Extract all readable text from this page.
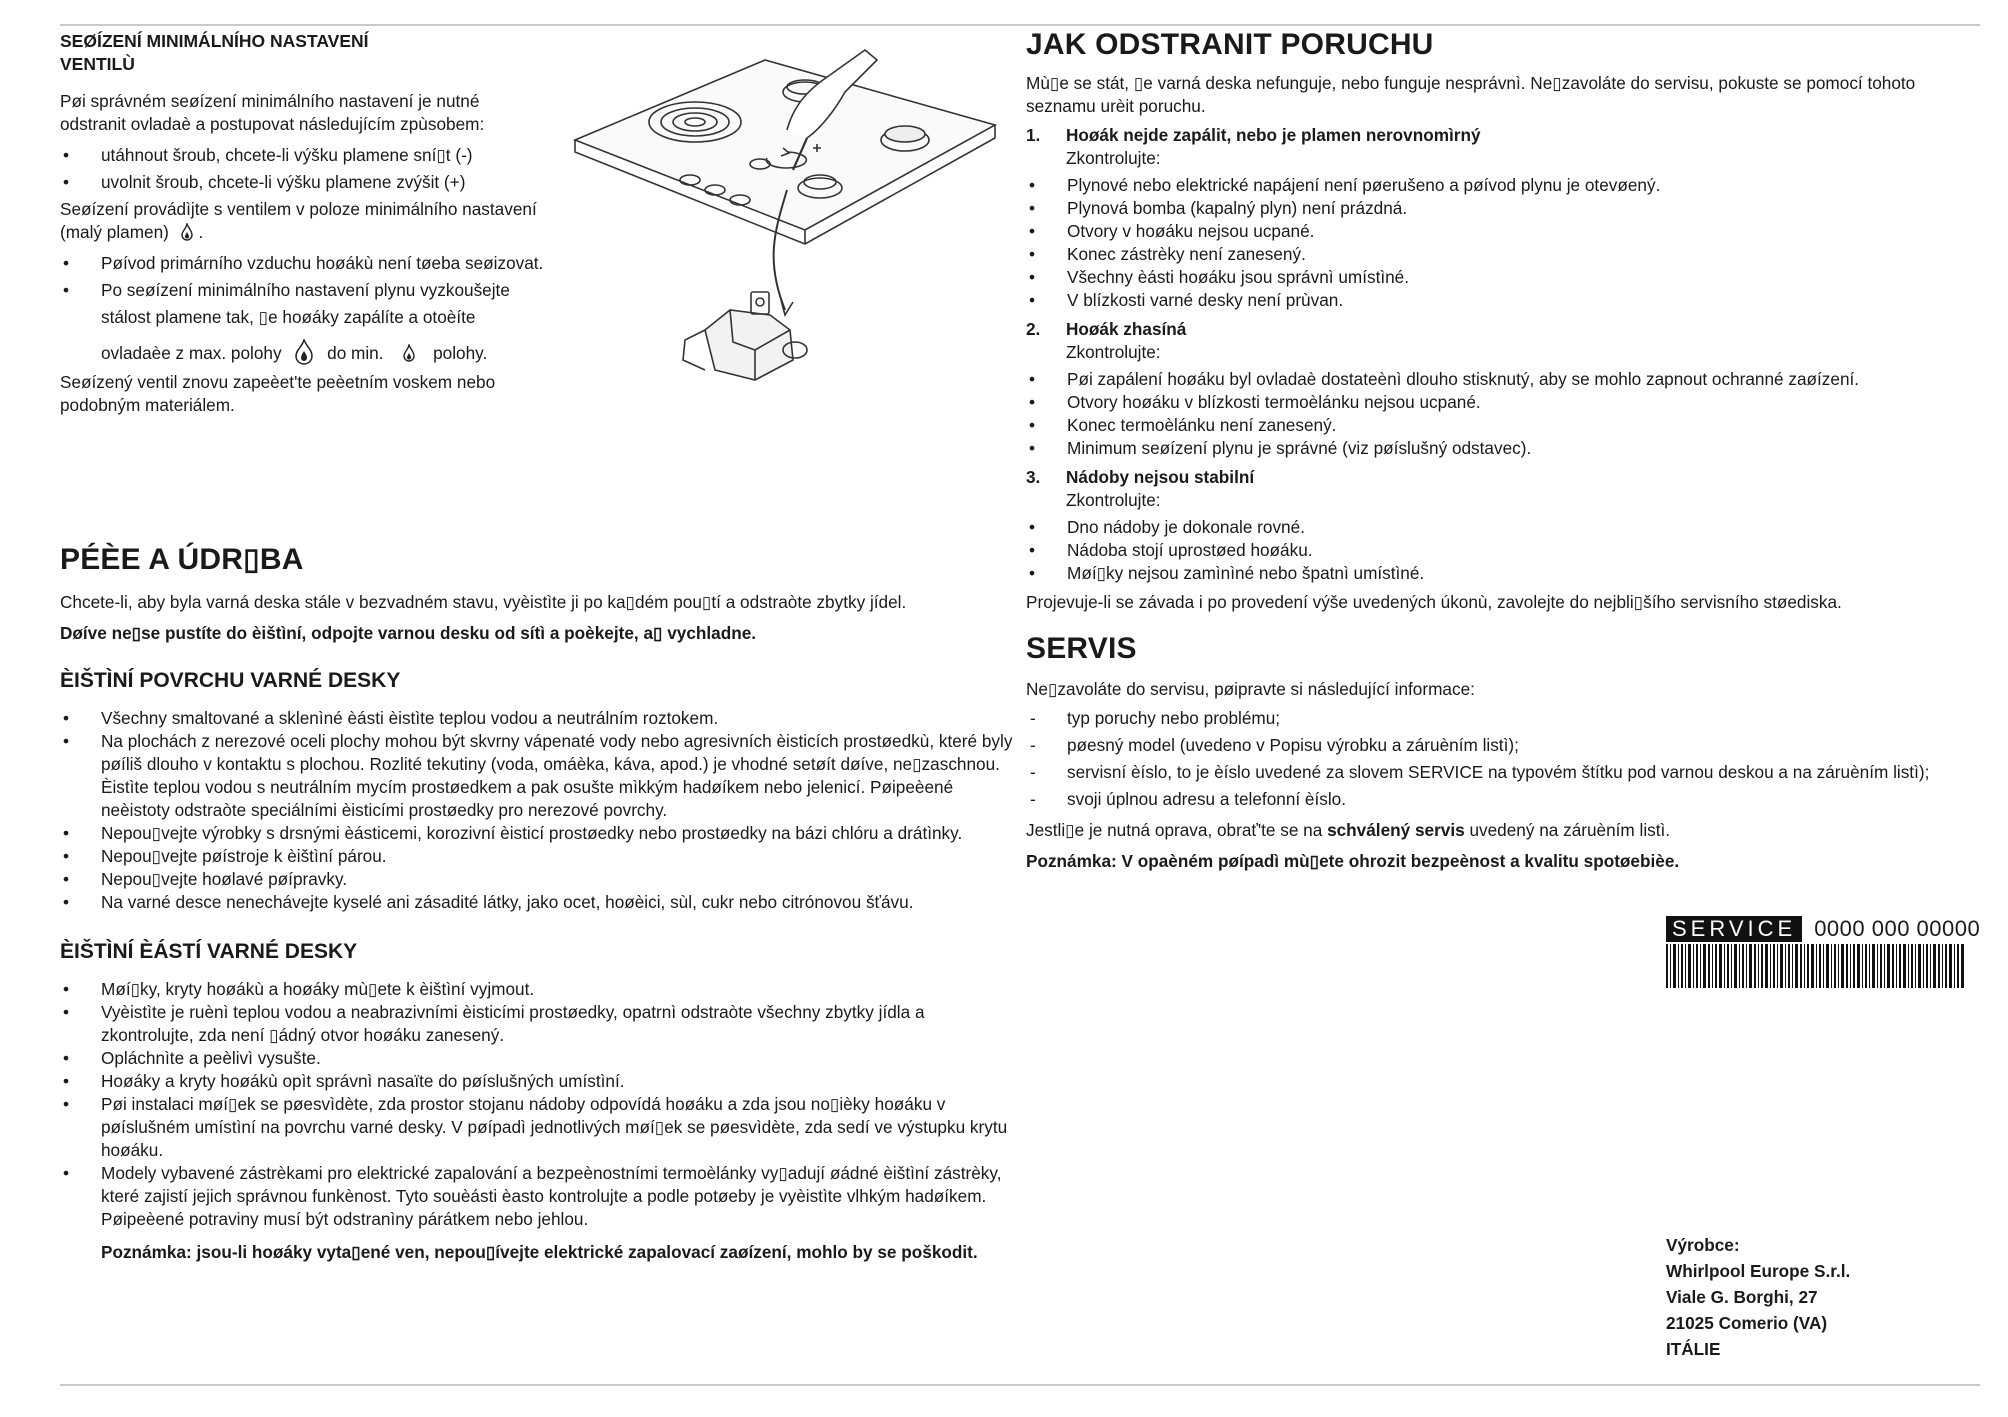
SEØÍZENÍ MINIMÁLNÍHO NASTAVENÍ
VENTILÙ
Pøi správném seøízení minimálního nastavení je nutné odstranit ovladaè a postupovat následujícím zpùsobem:
• utáhnout šroub, chcete-li výšku plamene sní▯t (-)
• uvolnit šroub, chcete-li výšku plamene zvýšit (+)
Seøízení provádìjte s ventilem v poloze minimálního nastavení (malý plamen) .
• Pøívod primárního vzduchu hoøákù není tøeba seøizovat.
• Po seøízení minimálního nastavení plynu vyzkoušejte stálost plamene tak, ▯e hoøáky zapálíte a otoèíte
ovladaèe z max. polohy	do min.	polohy.
Seøízený ventil znovu zapeèet'te peèetním voskem nebo podobným materiálem.
PÉÈE A ÚDR▯BA
Chcete-li, aby byla varná deska stále v bezvadném stavu, vyèistìte ji po ka▯dém pou▯tí a odstraòte zbytky jídel.
Døíve ne▯se pustíte do èištìní, odpojte varnou desku od sítì a poèkejte, a▯ vychladne.
ÈIŠTÌNÍ POVRCHU VARNÉ DESKY
• Všechny smaltované a sklenìné èásti èistìte teplou vodou a neutrálním roztokem.
• Na plochách z nerezové oceli plochy mohou být skvrny vápenaté vody nebo agresivních èisticích prostøedkù, které byly pøíliš dlouho v kontaktu s plochou. Rozlité tekutiny (voda, omáèka, káva, apod.) je vhodné setøít døíve, ne▯zaschnou. Èistìte teplou vodou s neutrálním mycím prostøedkem a pak osušte mìkkým hadøíkem nebo jelenicí. Pøipeèené neèistoty odstraòte speciálními èisticími prostøedky pro nerezové povrchy.
• Nepou▯vejte výrobky s drsnými èásticemi, korozivní èisticí prostøedky nebo prostøedky na bázi chlóru a drátìnky.
• Nepou▯vejte pøístroje k èištìní párou.
• Nepou▯vejte hoølavé pøípravky.
• Na varné desce nenechávejte kyselé ani zásadité látky, jako ocet, hoøèici, sùl, cukr nebo citrónovou šťávu.
ÈIŠTÌNÍ ÈÁSTÍ VARNÉ DESKY
• Møí▯ky, kryty hoøákù a hoøáky mù▯ete k èištìní vyjmout.
• Vyèistìte je ruènì teplou vodou a neabrazivními èisticími prostøedky, opatrnì odstraòte všechny zbytky jídla a zkontrolujte, zda není ▯ádný otvor hoøáku zanesený.
• Opláchnìte a peèlivì vysušte.
• Hoøáky a kryty hoøákù opìt správnì nasaïte do pøíslušných umístìní.
• Pøi instalaci møí▯ek se pøesvìdète, zda prostor stojanu nádoby odpovídá hoøáku a zda jsou no▯ièky hoøáku v pøíslušném umístìní na povrchu varné desky. V pøípadì jednotlivých møí▯ek se pøesvìdète, zda sedí ve výstupku krytu hoøáku.
• Modely vybavené zástrèkami pro elektrické zapalování a bezpeènostními termoèlánky vy▯adují øádné èištìní zástrèky, které zajistí jejich správnou funkènost. Tyto souèásti èasto kontrolujte a podle potøeby je vyèistìte vlhkým hadøíkem. Pøipeèené potraviny musí být odstranìny párátkem nebo jehlou.
Poznámka: jsou-li hoøáky vyta▯ené ven, nepou▯ívejte elektrické zapalovací zaøízení, mohlo by se poškodit.
JAK ODSTRANIT PORUCHU
Mù▯e se stát, ▯e varná deska nefunguje, nebo funguje nesprávnì. Ne▯zavoláte do servisu, pokuste se pomocí tohoto seznamu urèit poruchu.
1.	Hoøák nejde zapálit, nebo je plamen nerovnomìrný
Zkontrolujte:
• Plynové nebo elektrické napájení není pøerušeno a pøívod plynu je otevøený.
• Plynová bomba (kapalný plyn) není prázdná.
• Otvory v hoøáku nejsou ucpané.
• Konec zástrèky není zanesený.
• Všechny èásti hoøáku jsou správnì umístìné.
• V blízkosti varné desky není prùvan.
2.	Hoøák zhasíná
Zkontrolujte:
• Pøi zapálení hoøáku byl ovladaè dostateènì dlouho stisknutý, aby se mohlo zapnout ochranné zaøízení.
• Otvory hoøáku v blízkosti termoèlánku nejsou ucpané.
• Konec termoèlánku není zanesený.
• Minimum seøízení plynu je správné (viz pøíslušný odstavec).
3.	Nádoby nejsou stabilní
Zkontrolujte:
• Dno nádoby je dokonale rovné.
• Nádoba stojí uprostøed hoøáku.
• Møí▯ky nejsou zamìnìné nebo špatnì umístìné.
Projevuje-li se závada i po provedení výše uvedených úkonù, zavolejte do nejbli▯šího servisního støediska.
SERVIS
Ne▯zavoláte do servisu, pøipravte si následující informace:
- typ poruchy nebo problému;
- pøesný model (uvedeno v Popisu výrobku a záruèním listì);
- servisní èíslo, to je èíslo uvedené za slovem SERVICE na typovém štítku pod varnou deskou a na záruèním listì);
- svoji úplnou adresu a telefonní èíslo.
Jestli▯e je nutná oprava, obrať'te se na schválený servis uvedený na záruèním listì.
Poznámka: V opaèném pøípadì mù▯ete ohrozit bezpeènost a kvalitu spotøebièe.
SERVICE 0000 000 00000
Výrobce:
Whirlpool Europe S.r.l.
Viale G. Borghi, 27
21025 Comerio (VA)
ITÁLIE
